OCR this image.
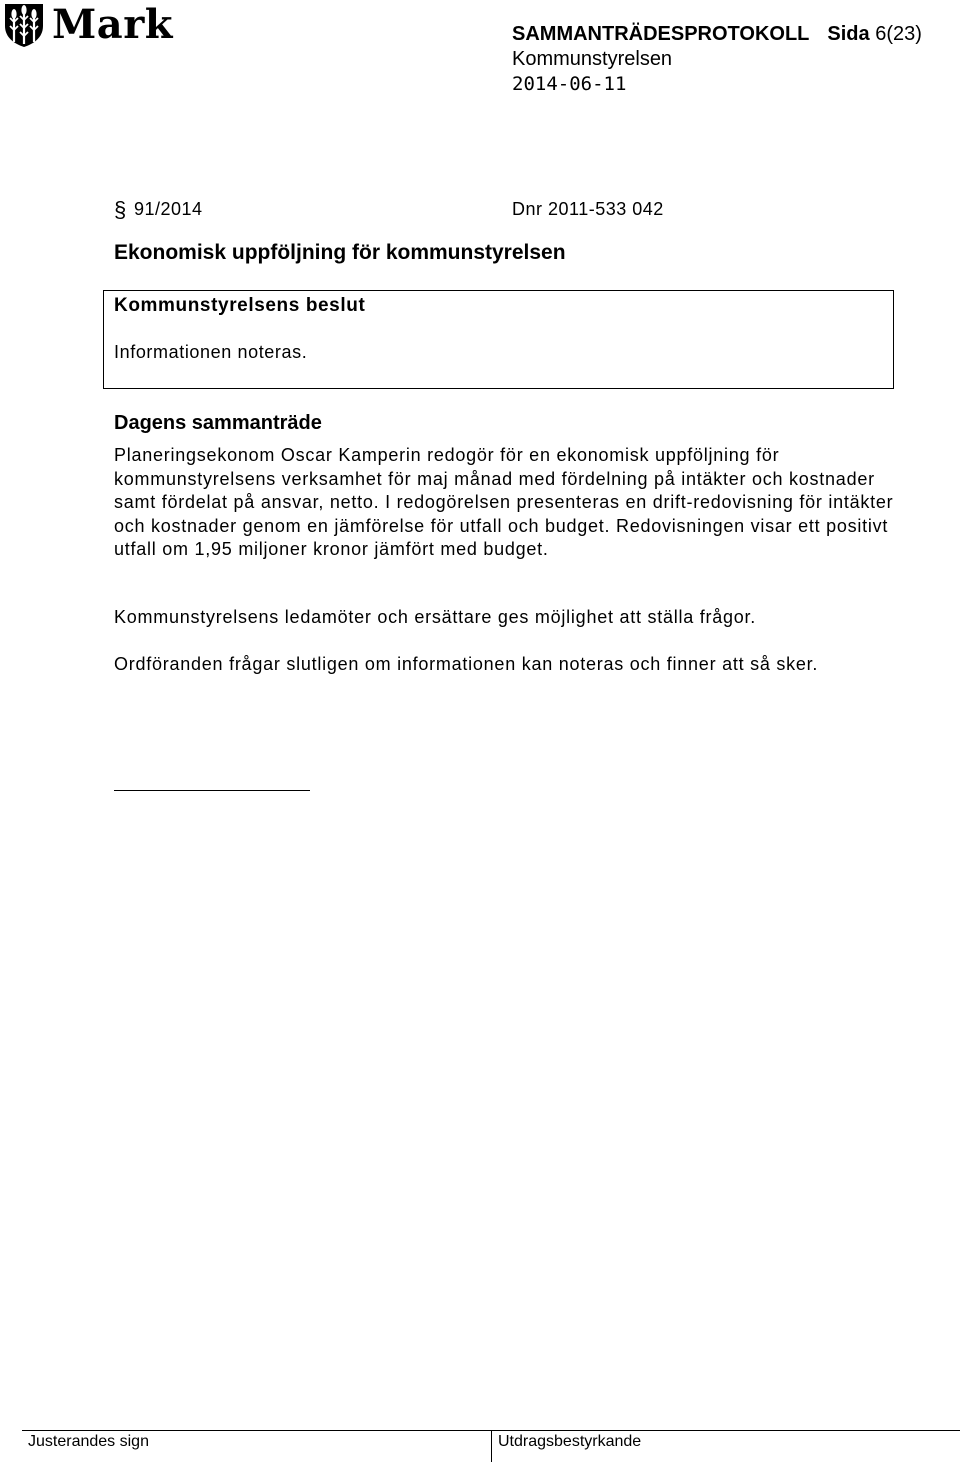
Mark	SAMMANTRÄDESPROTOKOLL Sida 6(23)
Kommunstyrelsen
2014-06-11
§ 91/2014	Dnr 2011-533 042
Ekonomisk uppföljning för kommunstyrelsen
Kommunstyrelsens beslut
Informationen noteras.
Dagens sammanträde
Planeringsekonom Oscar Kamperin redogör för en ekonomisk uppföljning för kommunstyrelsens verksamhet för maj månad med fördelning på intäkter och kostnader samt fördelat på ansvar, netto. I redogörelsen presenteras en drift-redovisning för intäkter och kostnader genom en jämförelse för utfall och budget. Redovisningen visar ett positivt utfall om 1,95 miljoner kronor jämfört med budget.
Kommunstyrelsens ledamöter och ersättare ges möjlighet att ställa frågor.
Ordföranden frågar slutligen om informationen kan noteras och finner att så sker.
Justerandes sign	Utdragsbestyrkande
